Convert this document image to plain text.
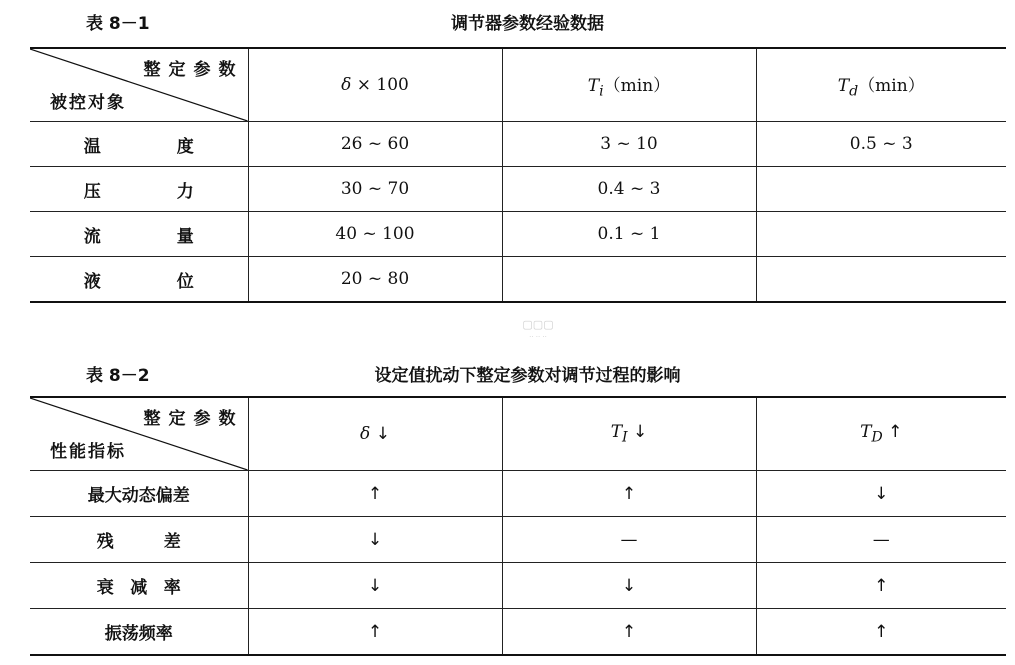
表 8－1	调节器参数经验数据
整定参数
被控对象	δ × 100	$T_i(\min)$	$T_d(\min)$
温度	26 ~ 60	3 ~ 10	0.5 ~ 3
压力	30 ~ 70	0.4 ~ 3	
流量	40 ~ 100	0.1 ~ 1	
液位	20 ~ 80		
▢▢▢
·· ·· ··
表 8－2	设定值扰动下整定参数对调节过程的影响
整定参数
性能指标	δ ↓	$T_I$ ↓	$T_D$ ↑
最大动态偏差	↑	↑	↓
残差	↓	—	—
衰减率	↓	↓	↑
振荡频率	↑	↑	↑
